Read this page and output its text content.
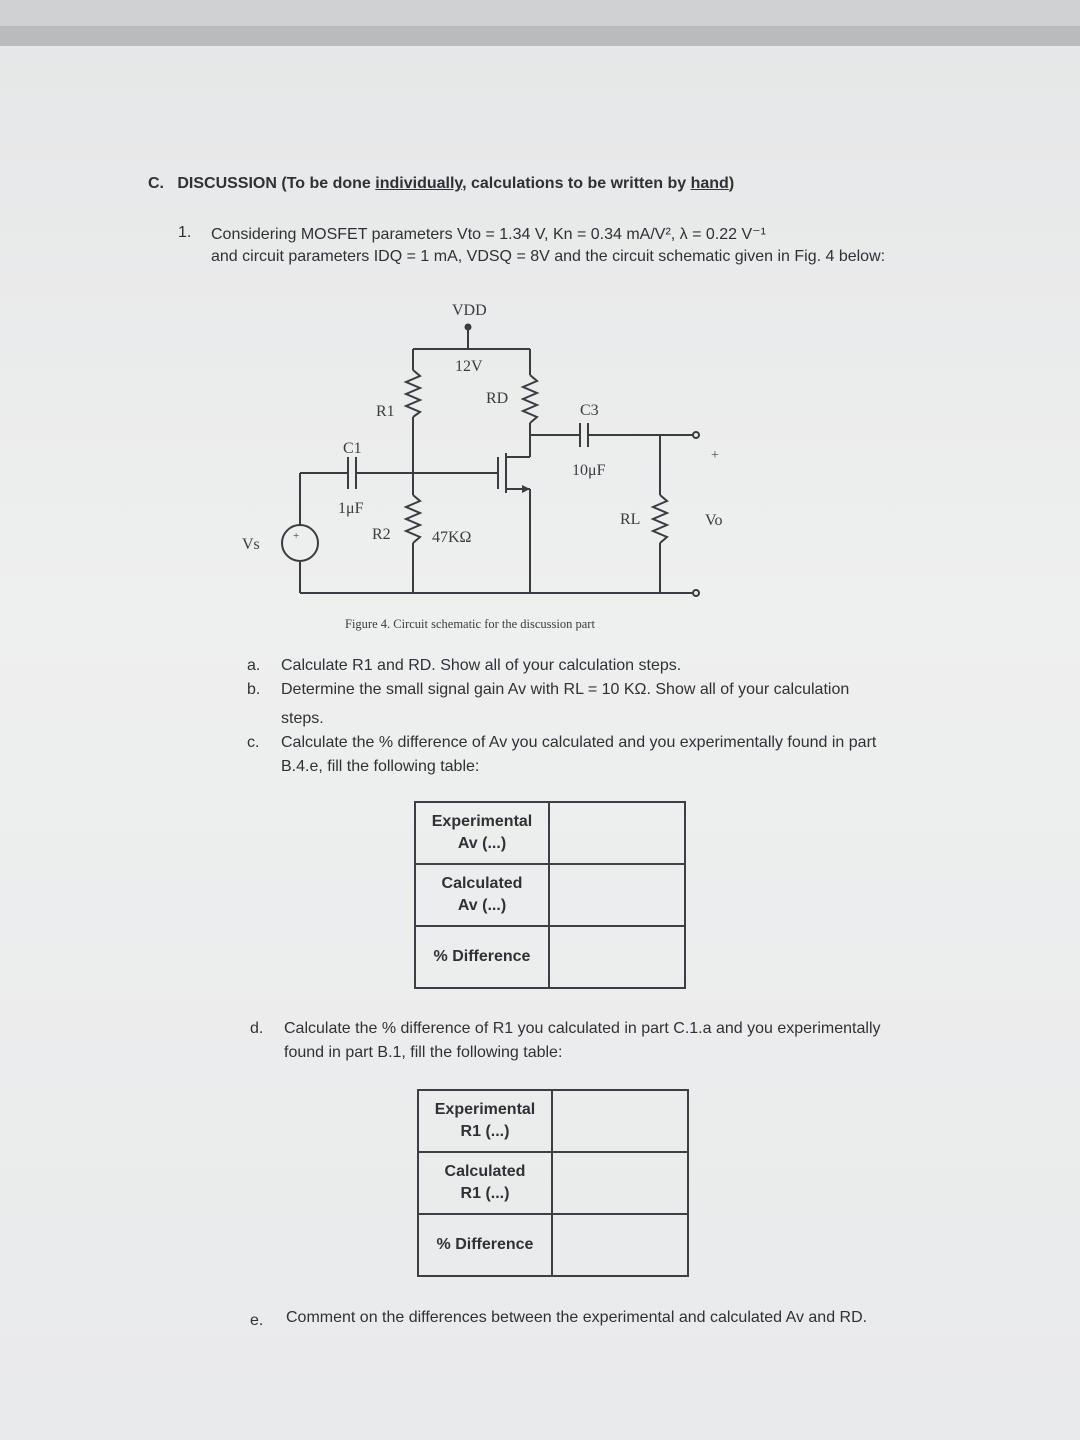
C. DISCUSSION (To be done individually, calculations to be written by hand)
1. Considering MOSFET parameters Vto = 1.34 V, Kn = 0.34 mA/V², λ = 0.22 V⁻¹
and circuit parameters IDQ = 1 mA, VDSQ = 8V and the circuit schematic given in Fig. 4 below:
VDD
12V
R1
RD
C1
1μF
C3
10μF
R2	47KΩ
RL
Vs
Vo
+
+
Figure 4. Circuit schematic for the discussion part
a. Calculate R1 and RD. Show all of your calculation steps.
b. Determine the small signal gain Av with RL = 10 KΩ. Show all of your calculation
steps.
c. Calculate the % difference of Av you calculated and you experimentally found in part
B.4.e, fill the following table:
Experimental
Av (...)	

Calculated
Av (...)	

% Difference	
d. Calculate the % difference of R1 you calculated in part C.1.a and you experimentally
found in part B.1, fill the following table:
Experimental
R1 (...)	

Calculated
R1 (...)	

% Difference	
e. Comment on the differences between the experimental and calculated Av and RD.
